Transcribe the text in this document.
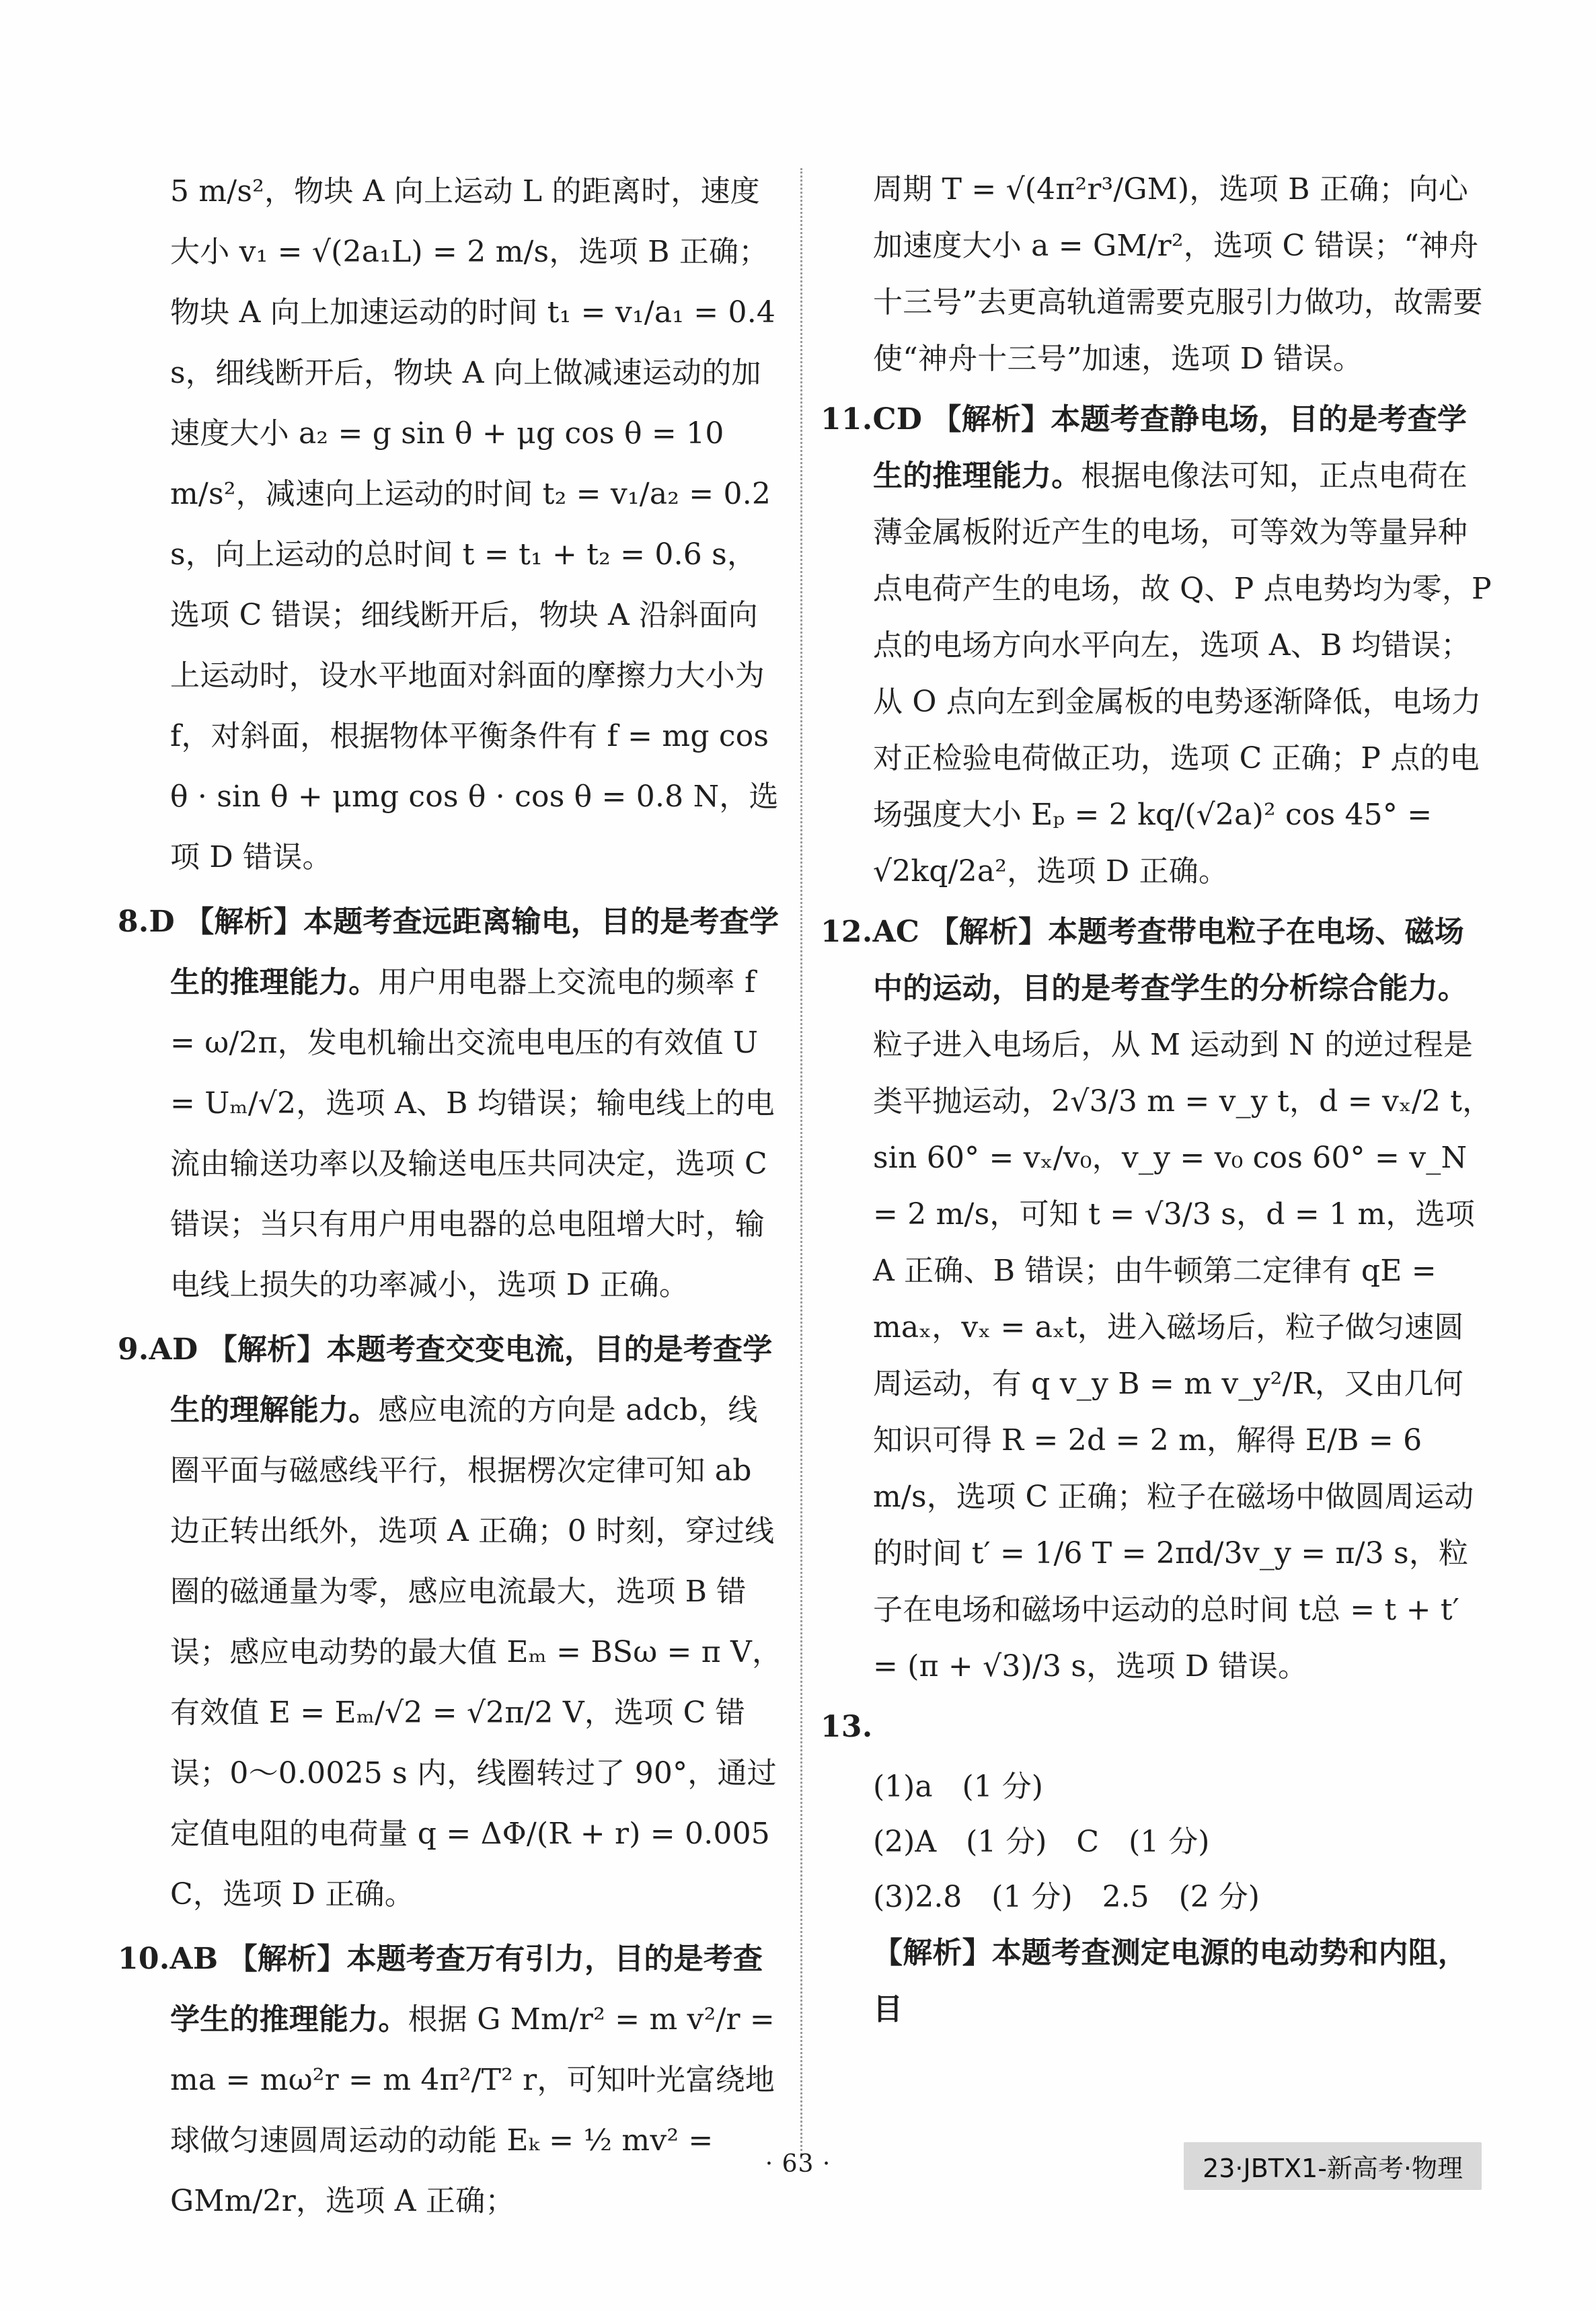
5 m/s²，物块 A 向上运动 L 的距离时，速度大小 v₁ = √(2a₁L) = 2 m/s，选项 B 正确；物块 A 向上加速运动的时间 t₁ = v₁/a₁ = 0.4 s，细线断开后，物块 A 向上做减速运动的加速度大小 a₂ = g sin θ + μg cos θ = 10 m/s²，减速向上运动的时间 t₂ = v₁/a₂ = 0.2 s，向上运动的总时间 t = t₁ + t₂ = 0.6 s，选项 C 错误；细线断开后，物块 A 沿斜面向上运动时，设水平地面对斜面的摩擦力大小为 f，对斜面，根据物体平衡条件有 f = mg cos θ · sin θ + μmg cos θ · cos θ = 0.8 N，选项 D 错误。
8.D 【解析】本题考查远距离输电，目的是考查学生的推理能力。用户用电器上交流电的频率 f = ω/2π，发电机输出交流电电压的有效值 U = Uₘ/√2，选项 A、B 均错误；输电线上的电流由输送功率以及输送电压共同决定，选项 C 错误；当只有用户用电器的总电阻增大时，输电线上损失的功率减小，选项 D 正确。
9.AD 【解析】本题考查交变电流，目的是考查学生的理解能力。感应电流的方向是 adcb，线圈平面与磁感线平行，根据楞次定律可知 ab 边正转出纸外，选项 A 正确；0 时刻，穿过线圈的磁通量为零，感应电流最大，选项 B 错误；感应电动势的最大值 Eₘ = BSω = π V，有效值 E = Eₘ/√2 = √2π/2 V，选项 C 错误；0～0.0025 s 内，线圈转过了 90°，通过定值电阻的电荷量 q = ΔΦ/(R + r) = 0.005 C，选项 D 正确。
10.AB 【解析】本题考查万有引力，目的是考查学生的推理能力。根据 G Mm/r² = m v²/r = ma = mω²r = m 4π²/T² r，可知叶光富绕地球做匀速圆周运动的动能 Eₖ = ½ mv² = GMm/2r，选项 A 正确；
周期 T = √(4π²r³/GM)，选项 B 正确；向心加速度大小 a = GM/r²，选项 C 错误；“神舟十三号”去更高轨道需要克服引力做功，故需要使“神舟十三号”加速，选项 D 错误。
11.CD 【解析】本题考查静电场，目的是考查学生的推理能力。根据电像法可知，正点电荷在薄金属板附近产生的电场，可等效为等量异种点电荷产生的电场，故 Q、P 点电势均为零，P 点的电场方向水平向左，选项 A、B 均错误；从 O 点向左到金属板的电势逐渐降低，电场力对正检验电荷做正功，选项 C 正确；P 点的电场强度大小 Eₚ = 2 kq/(√2a)² cos 45° = √2kq/2a²，选项 D 正确。
12.AC 【解析】本题考查带电粒子在电场、磁场中的运动，目的是考查学生的分析综合能力。粒子进入电场后，从 M 运动到 N 的逆过程是类平抛运动，2√3/3 m = v_y t，d = vₓ/2 t，sin 60° = vₓ/v₀，v_y = v₀ cos 60° = v_N = 2 m/s，可知 t = √3/3 s，d = 1 m，选项 A 正确、B 错误；由牛顿第二定律有 qE = maₓ，vₓ = aₓt，进入磁场后，粒子做匀速圆周运动，有 q v_y B = m v_y²/R，又由几何知识可得 R = 2d = 2 m，解得 E/B = 6 m/s，选项 C 正确；粒子在磁场中做圆周运动的时间 t′ = 1/6 T = 2πd/3v_y = π/3 s，粒子在电场和磁场中运动的总时间 t总 = t + t′ = (π + √3)/3 s，选项 D 错误。
13.
(1)a　(1 分)
(2)A　(1 分)　C　(1 分)
(3)2.8　(1 分)　2.5　(2 分)
【解析】本题考查测定电源的电动势和内阻，目
· 63 ·	23·JBTX1-新高考·物理
